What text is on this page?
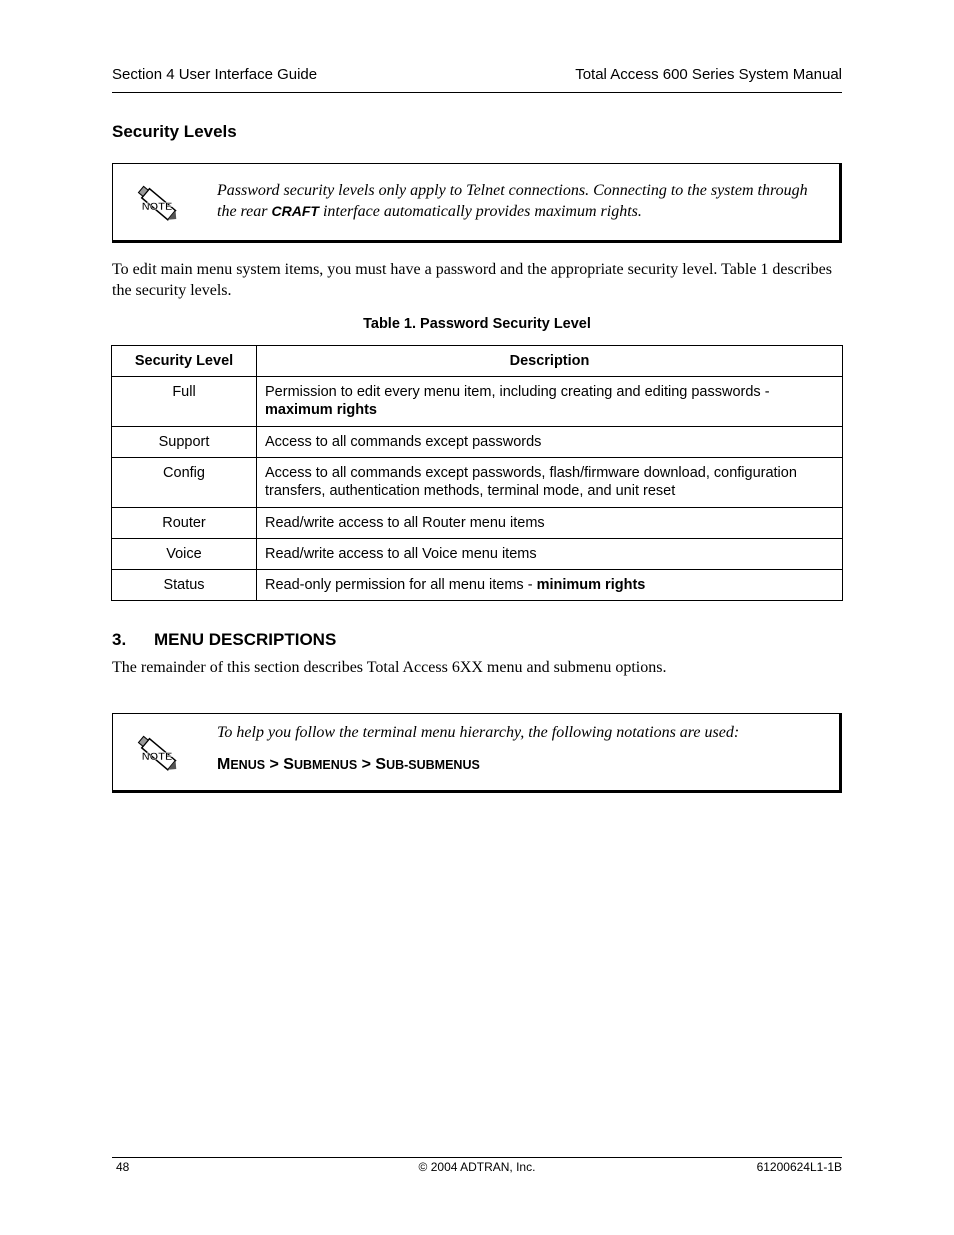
Section 4 User Interface Guide	Total Access 600 Series System Manual
Security Levels
NOTE
Password security levels only apply to Telnet connections. Connecting to the system through the rear CRAFT interface automatically provides maximum rights.
To edit main menu system items, you must have a password and the appropriate security level. Table 1 describes the security levels.
Table 1. Password Security Level
Security Level	Description
Full	Permission to edit every menu item, including creating and editing passwords - maximum rights
Support	Access to all commands except passwords
Config	Access to all commands except passwords, flash/firmware download, configuration transfers, authentication methods, terminal mode, and unit reset
Router	Read/write access to all Router menu items
Voice	Read/write access to all Voice menu items
Status	Read-only permission for all menu items - minimum rights
3. MENU DESCRIPTIONS
The remainder of this section describes Total Access 6XX menu and submenu options.
NOTE
To help you follow the terminal menu hierarchy, the following notations are used:
MENUS > SUBMENUS > SUB-SUBMENUS
48	© 2004 ADTRAN, Inc.	61200624L1-1B
